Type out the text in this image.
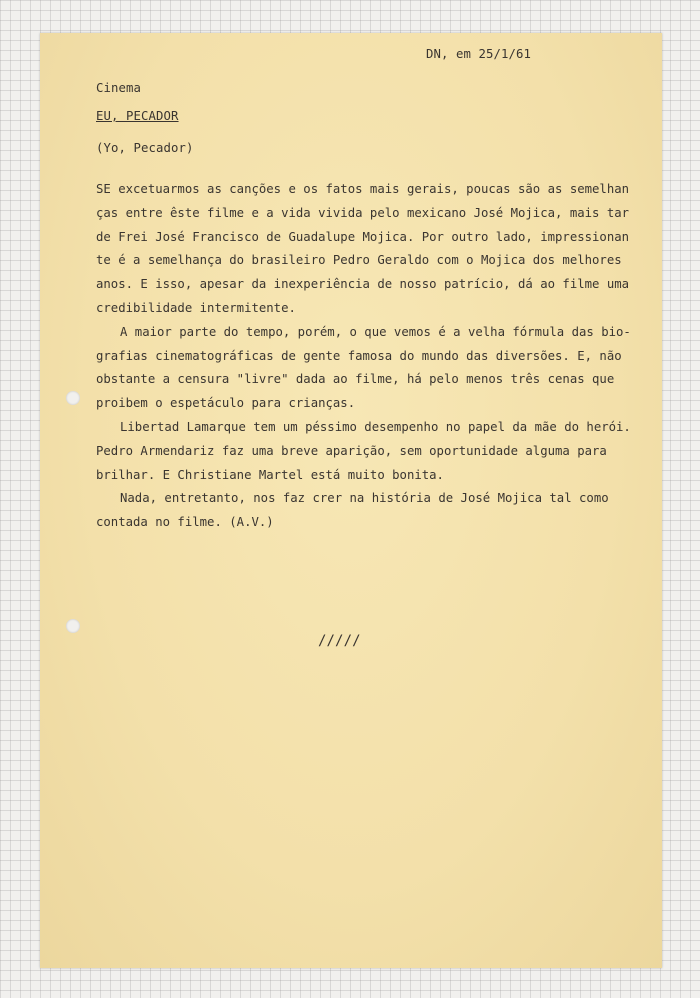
DN, em 25/1/61
Cinema
EU, PECADOR
(Yo, Pecador)
SE excetuarmos as canções e os fatos mais gerais, poucas são as semelhan
ças entre êste filme e a vida vivida pelo mexicano José Mojica, mais tar
de Frei José Francisco de Guadalupe Mojica. Por outro lado, impressionan
te é a semelhança do brasileiro Pedro Geraldo com o Mojica dos melhores
anos. E isso, apesar da inexperiência de nosso patrício, dá ao filme uma
credibilidade intermitente.
A maior parte do tempo, porém, o que vemos é a velha fórmula das bio-
grafias cinematográficas de gente famosa do mundo das diversões. E, não
obstante a censura "livre" dada ao filme, há pelo menos três cenas que
proibem o espetáculo para crianças.
Libertad Lamarque tem um péssimo desempenho no papel da mãe do herói.
Pedro Armendariz faz uma breve aparição, sem oportunidade alguma para
brilhar. E Christiane Martel está muito bonita.
Nada, entretanto, nos faz crer na história de José Mojica tal como
contada no filme. (A.V.)
/////
